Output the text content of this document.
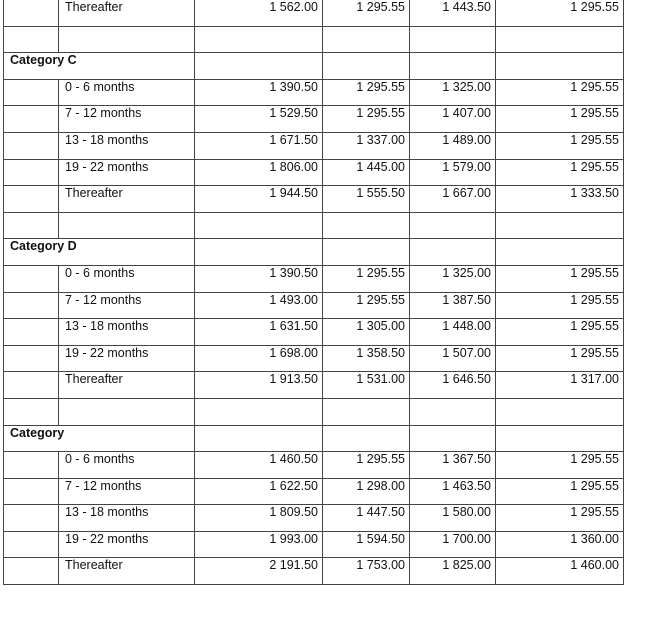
	Thereafter	1 562.00	1 295.55	1 443.50	1 295.55

Category C					
	0 - 6 months	1 390.50	1 295.55	1 325.00	1 295.55
	7 - 12 months	1 529.50	1 295.55	1 407.00	1 295.55
	13 - 18 months	1 671.50	1 337.00	1 489.00	1 295.55
	19 - 22 months	1 806.00	1 445.00	1 579.00	1 295.55
	Thereafter	1 944.50	1 555.50	1 667.00	1 333.50

Category D					
	0 - 6 months	1 390.50	1 295.55	1 325.00	1 295.55
	7 - 12 months	1 493.00	1 295.55	1 387.50	1 295.55
	13 - 18 months	1 631.50	1 305.00	1 448.00	1 295.55
	19 - 22 months	1 698.00	1 358.50	1 507.00	1 295.55
	Thereafter	1 913.50	1 531.00	1 646.50	1 317.00

Category					
	0 - 6 months	1 460.50	1 295.55	1 367.50	1 295.55
	7 - 12 months	1 622.50	1 298.00	1 463.50	1 295.55
	13 - 18 months	1 809.50	1 447.50	1 580.00	1 295.55
	19 - 22 months	1 993.00	1 594.50	1 700.00	1 360.00
	Thereafter	2 191.50	1 753.00	1 825.00	1 460.00
